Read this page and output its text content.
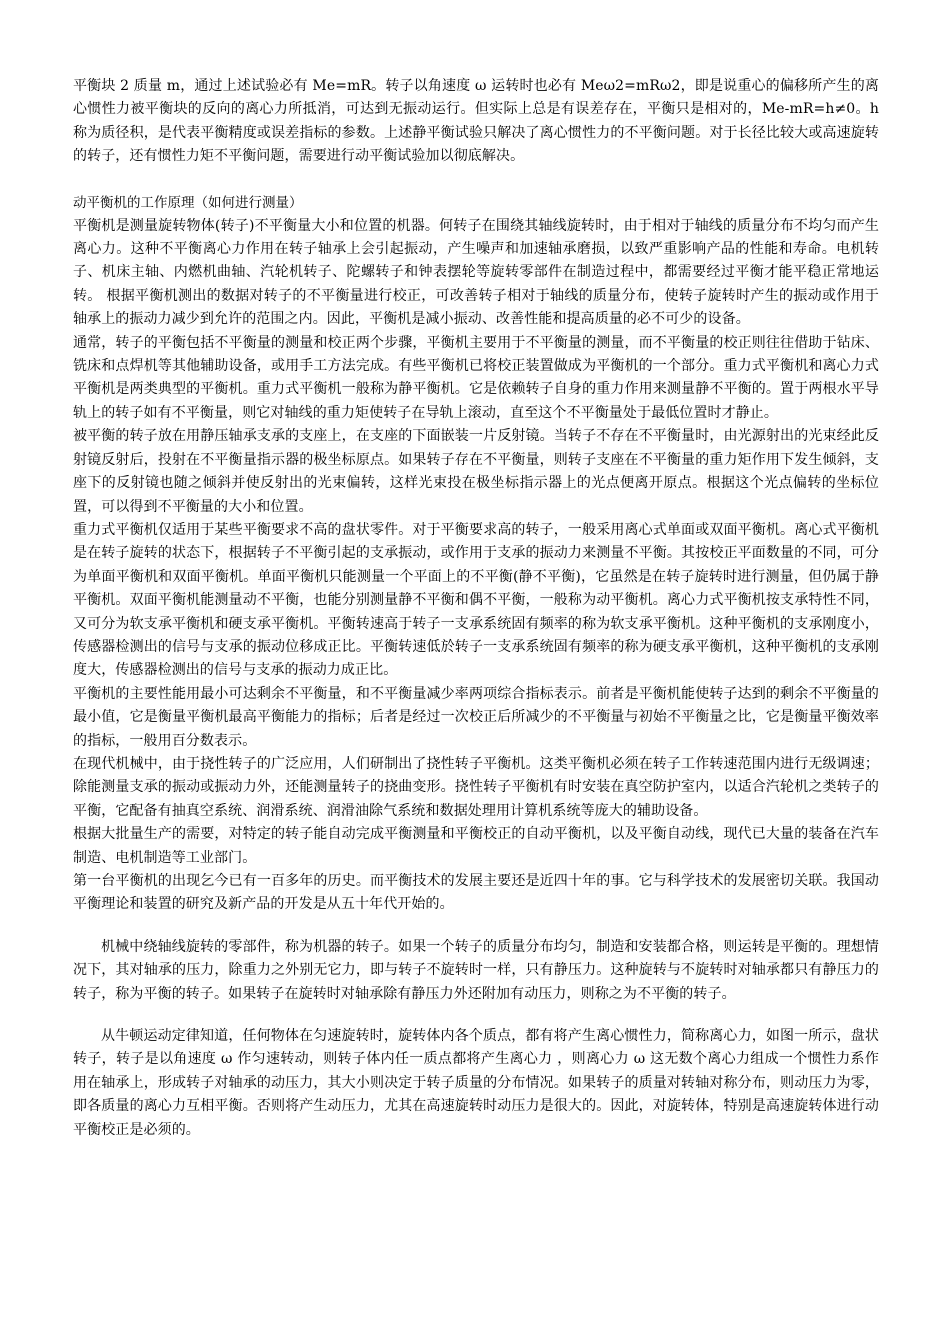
平衡块 2 质量 m，通过上述试验必有 Me=mR。转子以角速度 ω 运转时也必有 Meω2=mRω2，即是说重心的偏移所产生的离心惯性力被平衡块的反向的离心力所抵消，可达到无振动运行。但实际上总是有误差存在，平衡只是相对的，Me-mR=h≠0。h 称为质径积，是代表平衡精度或误差指标的参数。上述静平衡试验只解决了离心惯性力的不平衡问题。对于长径比较大或高速旋转的转子，还有惯性力矩不平衡问题，需要进行动平衡试验加以彻底解决。

动平衡机的工作原理（如何进行测量）

平衡机是测量旋转物体(转子)不平衡量大小和位置的机器。何转子在围绕其轴线旋转时，由于相对于轴线的质量分布不均匀而产生离心力。这种不平衡离心力作用在转子轴承上会引起振动，产生噪声和加速轴承磨损，以致严重影响产品的性能和寿命。电机转子、机床主轴、内燃机曲轴、汽轮机转子、陀螺转子和钟表摆轮等旋转零部件在制造过程中，都需要经过平衡才能平稳正常地运转。 根据平衡机测出的数据对转子的不平衡量进行校正，可改善转子相对于轴线的质量分布，使转子旋转时产生的振动或作用于轴承上的振动力减少到允许的范围之内。因此，平衡机是减小振动、改善性能和提高质量的必不可少的设备。

通常，转子的平衡包括不平衡量的测量和校正两个步骤，平衡机主要用于不平衡量的测量，而不平衡量的校正则往往借助于钻床、铣床和点焊机等其他辅助设备，或用手工方法完成。有些平衡机已将校正装置做成为平衡机的一个部分。重力式平衡机和离心力式平衡机是两类典型的平衡机。重力式平衡机一般称为静平衡机。它是依赖转子自身的重力作用来测量静不平衡的。置于两根水平导轨上的转子如有不平衡量，则它对轴线的重力矩使转子在导轨上滚动，直至这个不平衡量处于最低位置时才静止。

被平衡的转子放在用静压轴承支承的支座上，在支座的下面嵌装一片反射镜。当转子不存在不平衡量时，由光源射出的光束经此反射镜反射后，投射在不平衡量指示器的极坐标原点。如果转子存在不平衡量，则转子支座在不平衡量的重力矩作用下发生倾斜，支座下的反射镜也随之倾斜并使反射出的光束偏转，这样光束投在极坐标指示器上的光点便离开原点。根据这个光点偏转的坐标位置，可以得到不平衡量的大小和位置。

重力式平衡机仅适用于某些平衡要求不高的盘状零件。对于平衡要求高的转子，一般采用离心式单面或双面平衡机。离心式平衡机是在转子旋转的状态下，根据转子不平衡引起的支承振动，或作用于支承的振动力来测量不平衡。其按校正平面数量的不同，可分为单面平衡机和双面平衡机。单面平衡机只能测量一个平面上的不平衡(静不平衡)，它虽然是在转子旋转时进行测量，但仍属于静平衡机。双面平衡机能测量动不平衡，也能分别测量静不平衡和偶不平衡，一般称为动平衡机。离心力式平衡机按支承特性不同，又可分为软支承平衡机和硬支承平衡机。平衡转速高于转子一支承系统固有频率的称为软支承平衡机。这种平衡机的支承刚度小，传感器检测出的信号与支承的振动位移成正比。平衡转速低於转子一支承系统固有频率的称为硬支承平衡机，这种平衡机的支承刚度大，传感器检测出的信号与支承的振动力成正比。

平衡机的主要性能用最小可达剩余不平衡量，和不平衡量减少率两项综合指标表示。前者是平衡机能使转子达到的剩余不平衡量的最小值，它是衡量平衡机最高平衡能力的指标；后者是经过一次校正后所减少的不平衡量与初始不平衡量之比，它是衡量平衡效率的指标，一般用百分数表示。

在现代机械中，由于挠性转子的广泛应用，人们研制出了挠性转子平衡机。这类平衡机必须在转子工作转速范围内进行无级调速；除能测量支承的振动或振动力外，还能测量转子的挠曲变形。挠性转子平衡机有时安装在真空防护室内，以适合汽轮机之类转子的平衡，它配备有抽真空系统、润滑系统、润滑油除气系统和数据处理用计算机系统等庞大的辅助设备。

根据大批量生产的需要，对特定的转子能自动完成平衡测量和平衡校正的自动平衡机，以及平衡自动线，现代已大量的装备在汽车制造、电机制造等工业部门。

第一台平衡机的出现乞今已有一百多年的历史。而平衡技术的发展主要还是近四十年的事。它与科学技术的发展密切关联。我国动平衡理论和装置的研究及新产品的开发是从五十年代开始的。

机械中绕轴线旋转的零部件，称为机器的转子。如果一个转子的质量分布均匀，制造和安装都合格，则运转是平衡的。理想情况下，其对轴承的压力，除重力之外别无它力，即与转子不旋转时一样，只有静压力。这种旋转与不旋转时对轴承都只有静压力的转子，称为平衡的转子。如果转子在旋转时对轴承除有静压力外还附加有动压力，则称之为不平衡的转子。

从牛顿运动定律知道，任何物体在匀速旋转时，旋转体内各个质点，都有将产生离心惯性力，简称离心力，如图一所示，盘状转子，转子是以角速度 ω 作匀速转动，则转子体内任一质点都将产生离心力 ，则离心力 ω 这无数个离心力组成一个惯性力系作用在轴承上，形成转子对轴承的动压力，其大小则决定于转子质量的分布情况。如果转子的质量对转轴对称分布，则动压力为零，即各质量的离心力互相平衡。否则将产生动压力，尤其在高速旋转时动压力是很大的。因此，对旋转体，特别是高速旋转体进行动平衡校正是必须的。
